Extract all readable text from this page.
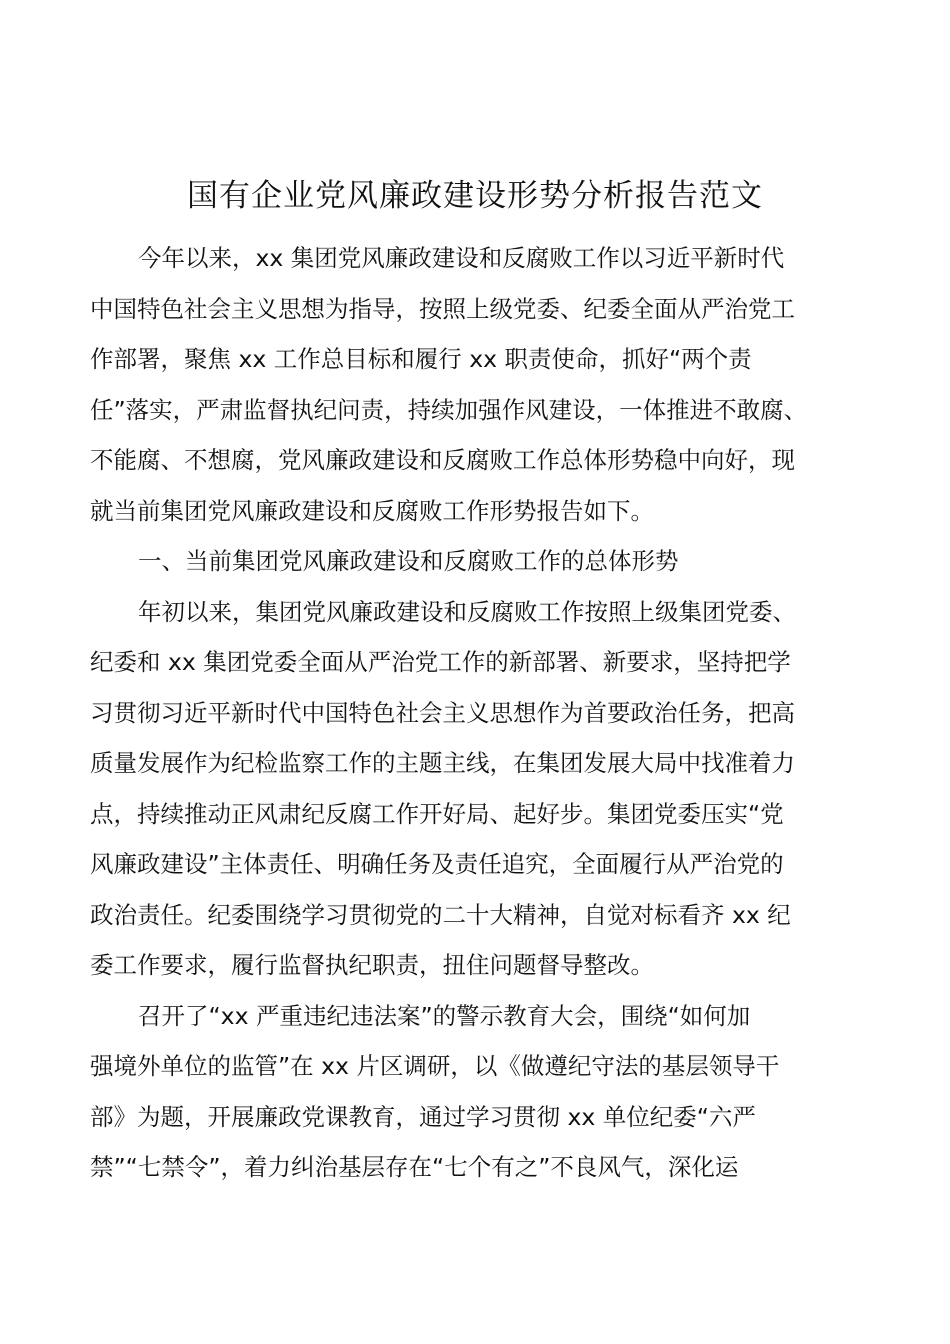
国有企业党风廉政建设形势分析报告范文
今年以来，xx 集团党风廉政建设和反腐败工作以习近平新时代
中国特色社会主义思想为指导，按照上级党委、纪委全面从严治党工
作部署，聚焦 xx 工作总目标和履行 xx 职责使命，抓好“两个责
任”落实，严肃监督执纪问责，持续加强作风建设，一体推进不敢腐、
不能腐、不想腐，党风廉政建设和反腐败工作总体形势稳中向好，现
就当前集团党风廉政建设和反腐败工作形势报告如下。
一、当前集团党风廉政建设和反腐败工作的总体形势
年初以来，集团党风廉政建设和反腐败工作按照上级集团党委、
纪委和 xx 集团党委全面从严治党工作的新部署、新要求，坚持把学
习贯彻习近平新时代中国特色社会主义思想作为首要政治任务，把高
质量发展作为纪检监察工作的主题主线，在集团发展大局中找准着力
点，持续推动正风肃纪反腐工作开好局、起好步。集团党委压实“党
风廉政建设”主体责任、明确任务及责任追究，全面履行从严治党的
政治责任。纪委围绕学习贯彻党的二十大精神，自觉对标看齐 xx 纪
委工作要求，履行监督执纪职责，扭住问题督导整改。
召开了“xx 严重违纪违法案”的警示教育大会，围绕“如何加
强境外单位的监管”在 xx 片区调研，以《做遵纪守法的基层领导干
部》为题，开展廉政党课教育，通过学习贯彻 xx 单位纪委“六严
禁”“七禁令”，着力纠治基层存在“七个有之”不良风气，深化运
